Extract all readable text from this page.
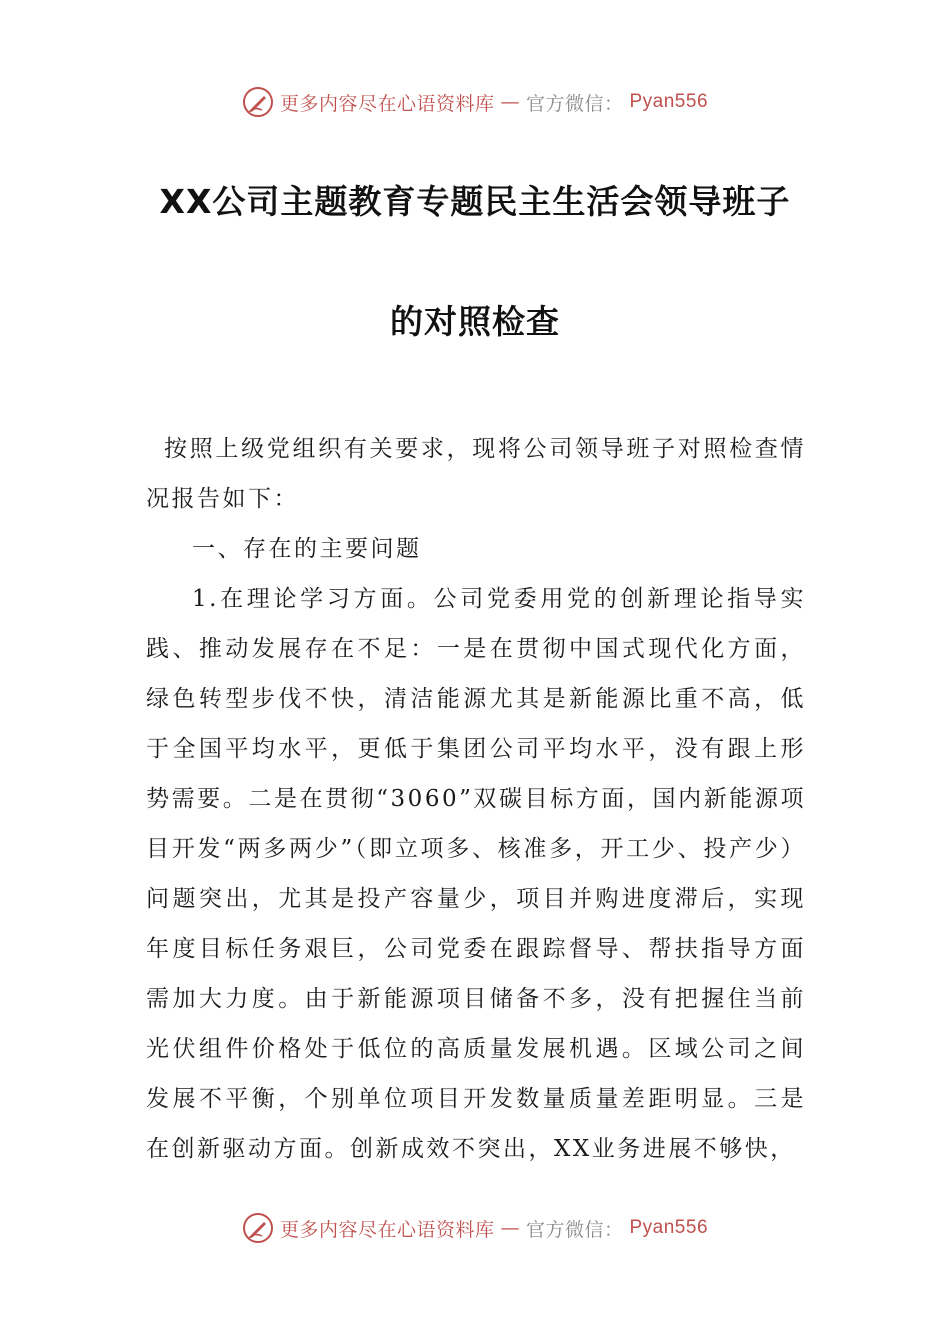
更多内容尽在心语资料库 — 官方微信： Pyan556
XX公司主题教育专题民主生活会领导班子
的对照检查

按照上级党组织有关要求，现将公司领导班子对照检查情况报告如下：

一、存在的主要问题

1.在理论学习方面。公司党委用党的创新理论指导实践、推动发展存在不足：一是在贯彻中国式现代化方面，绿色转型步伐不快，清洁能源尤其是新能源比重不高，低于全国平均水平，更低于集团公司平均水平，没有跟上形势需要。二是在贯彻“3060”双碳目标方面，国内新能源项目开发“两多两少”（即立项多、核准多，开工少、投产少）问题突出，尤其是投产容量少，项目并购进度滞后，实现年度目标任务艰巨，公司党委在跟踪督导、帮扶指导方面需加大力度。由于新能源项目储备不多，没有把握住当前光伏组件价格处于低位的高质量发展机遇。区域公司之间发展不平衡，个别单位项目开发数量质量差距明显。三是在创新驱动方面。创新成效不突出，XX业务进展不够快，

更多内容尽在心语资料库 — 官方微信： Pyan556
